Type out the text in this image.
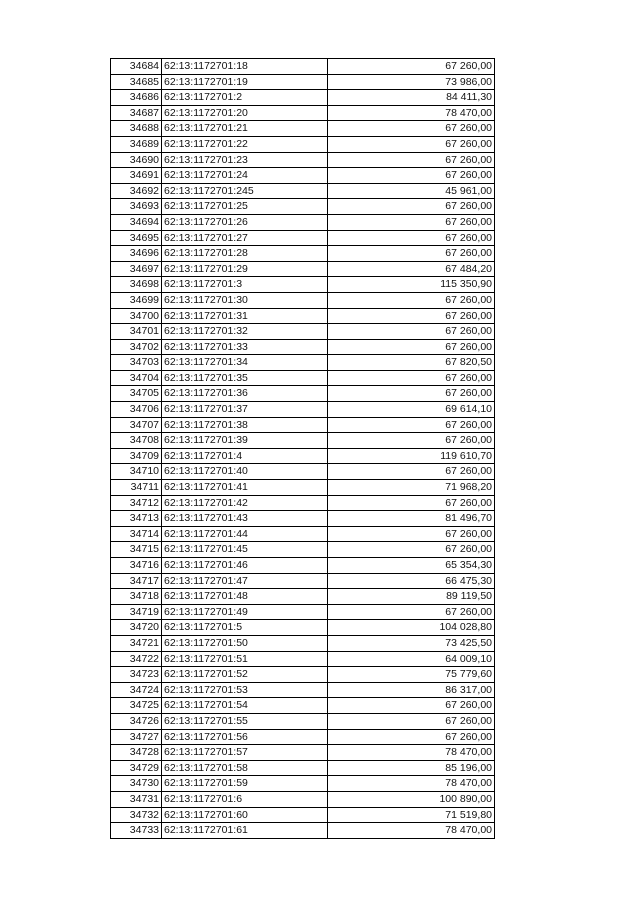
34684	62:13:1172701:18	67 260,00
34685	62:13:1172701:19	73 986,00
34686	62:13:1172701:2	84 411,30
34687	62:13:1172701:20	78 470,00
34688	62:13:1172701:21	67 260,00
34689	62:13:1172701:22	67 260,00
34690	62:13:1172701:23	67 260,00
34691	62:13:1172701:24	67 260,00
34692	62:13:1172701:245	45 961,00
34693	62:13:1172701:25	67 260,00
34694	62:13:1172701:26	67 260,00
34695	62:13:1172701:27	67 260,00
34696	62:13:1172701:28	67 260,00
34697	62:13:1172701:29	67 484,20
34698	62:13:1172701:3	115 350,90
34699	62:13:1172701:30	67 260,00
34700	62:13:1172701:31	67 260,00
34701	62:13:1172701:32	67 260,00
34702	62:13:1172701:33	67 260,00
34703	62:13:1172701:34	67 820,50
34704	62:13:1172701:35	67 260,00
34705	62:13:1172701:36	67 260,00
34706	62:13:1172701:37	69 614,10
34707	62:13:1172701:38	67 260,00
34708	62:13:1172701:39	67 260,00
34709	62:13:1172701:4	119 610,70
34710	62:13:1172701:40	67 260,00
34711	62:13:1172701:41	71 968,20
34712	62:13:1172701:42	67 260,00
34713	62:13:1172701:43	81 496,70
34714	62:13:1172701:44	67 260,00
34715	62:13:1172701:45	67 260,00
34716	62:13:1172701:46	65 354,30
34717	62:13:1172701:47	66 475,30
34718	62:13:1172701:48	89 119,50
34719	62:13:1172701:49	67 260,00
34720	62:13:1172701:5	104 028,80
34721	62:13:1172701:50	73 425,50
34722	62:13:1172701:51	64 009,10
34723	62:13:1172701:52	75 779,60
34724	62:13:1172701:53	86 317,00
34725	62:13:1172701:54	67 260,00
34726	62:13:1172701:55	67 260,00
34727	62:13:1172701:56	67 260,00
34728	62:13:1172701:57	78 470,00
34729	62:13:1172701:58	85 196,00
34730	62:13:1172701:59	78 470,00
34731	62:13:1172701:6	100 890,00
34732	62:13:1172701:60	71 519,80
34733	62:13:1172701:61	78 470,00
